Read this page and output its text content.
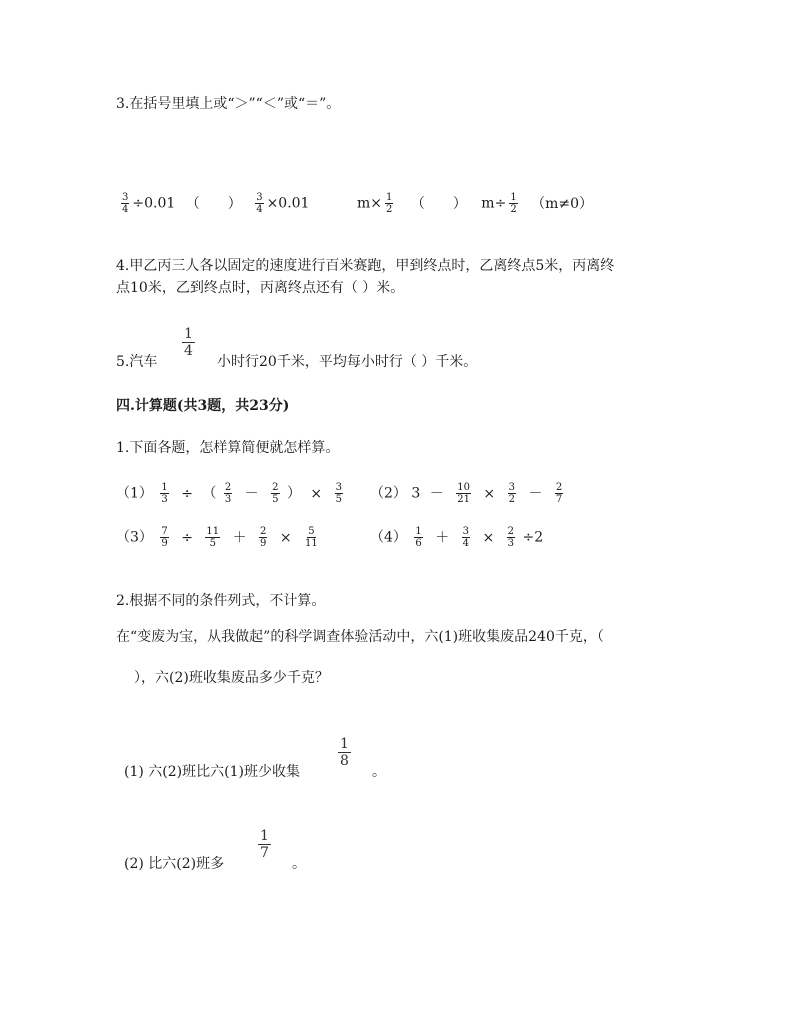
3.在括号里填上或“＞”“＜”或“＝”。
$\frac{3}{4} \div 0.01$ （　　） $\frac{3}{4} \times 0.01$	$m\times \frac{1}{2}$ （　　） $m\div \frac{1}{2} (m\ne 0)$
4.甲乙丙三人各以固定的速度进行百米赛跑，甲到终点时，乙离终点5米，丙离终
点10米，乙到终点时，丙离终点还有（ ）米。
5.汽车
$\frac{1}{4}$
小时行20千米，平均每小时行（ ）千米。
四.计算题(共3题，共23分)
1.下面各题，怎样算简便就怎样算。
$(1) \frac{1}{3}$ ÷ （ $\frac{2}{3} - \frac{2}{5}$ ） × $\frac{3}{5} (2) 3 - \frac{10}{21} \times \frac{3}{2} - \frac{2}{7}$
$(3) \frac{7}{9} \div \frac{11}{5} + \frac{2}{9} \times \frac{5}{11}$	$(4) \frac{1}{6} + \frac{3}{4} \times \frac{2}{3} \div 2$
2.根据不同的条件列式，不计算。
在“变废为宝，从我做起”的科学调查体验活动中，六(1)班收集废品240千克，（
），六(2)班收集废品多少千克？
(1) 六(2)班比六(1)班少收集
$\frac{1}{8}$
。
(2) 比六(2)班多
$\frac{1}{7}$
。
